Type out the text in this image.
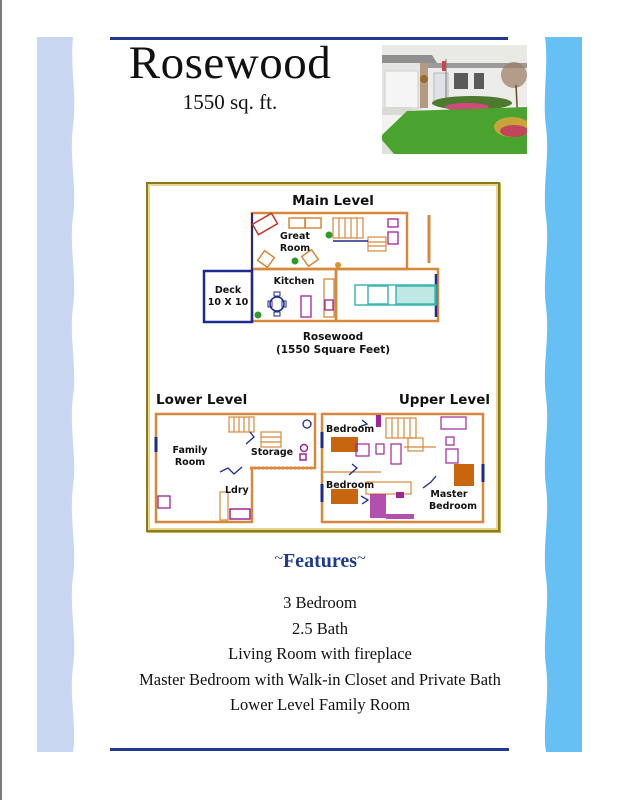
Rosewood
1550 sq. ft.
Main Level
Deck
10 X 10
Great
Room
Kitchen
Rosewood
(1550 Square Feet)
Lower Level
Family
Room
Storage
Ldry
Upper Level
Bedroom
Bedroom
Master
Bedroom
~Features~
3 Bedroom
2.5 Bath
Living Room with fireplace
Master Bedroom with Walk-in Closet and Private Bath
Lower Level Family Room
